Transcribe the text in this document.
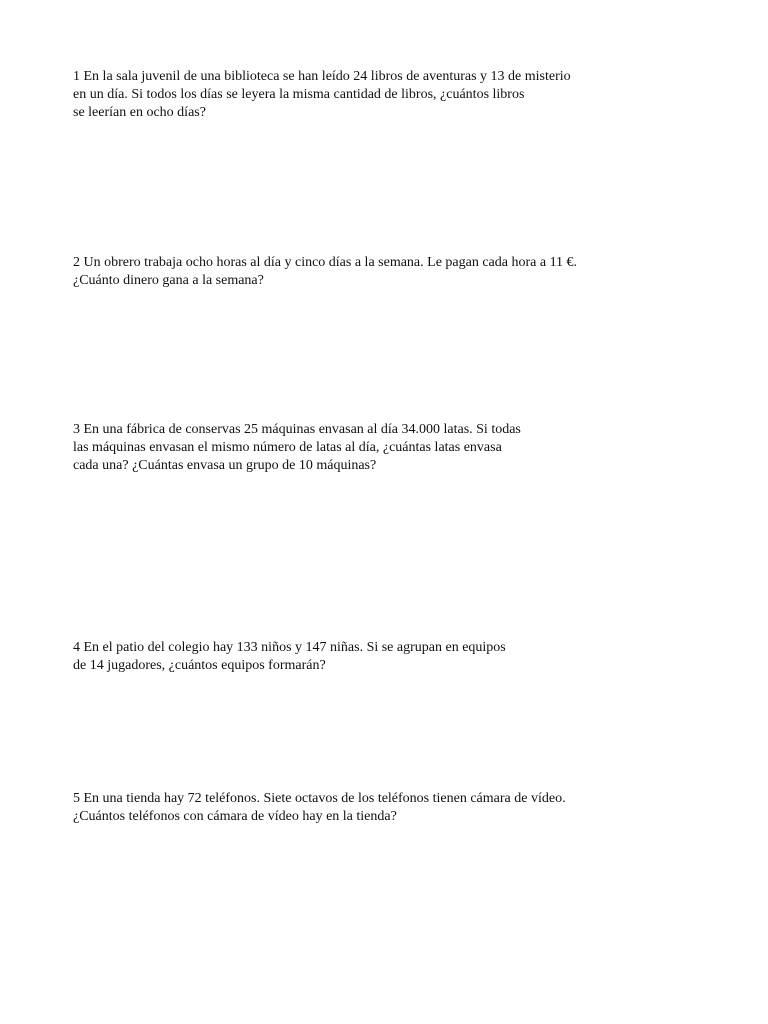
1 En la sala juvenil de una biblioteca se han leído 24 libros de aventuras y 13 de misterio
en un día. Si todos los días se leyera la misma cantidad de libros, ¿cuántos libros
se leerían en ocho días?

2 Un obrero trabaja ocho horas al día y cinco días a la semana. Le pagan cada hora a 11 €.
¿Cuánto dinero gana a la semana?

3 En una fábrica de conservas 25 máquinas envasan al día 34.000 latas. Si todas
las máquinas envasan el mismo número de latas al día, ¿cuántas latas envasa
cada una? ¿Cuántas envasa un grupo de 10 máquinas?

4 En el patio del colegio hay 133 niños y 147 niñas. Si se agrupan en equipos
de 14 jugadores, ¿cuántos equipos formarán?

5 En una tienda hay 72 teléfonos. Siete octavos de los teléfonos tienen cámara de vídeo.
¿Cuántos teléfonos con cámara de vídeo hay en la tienda?
